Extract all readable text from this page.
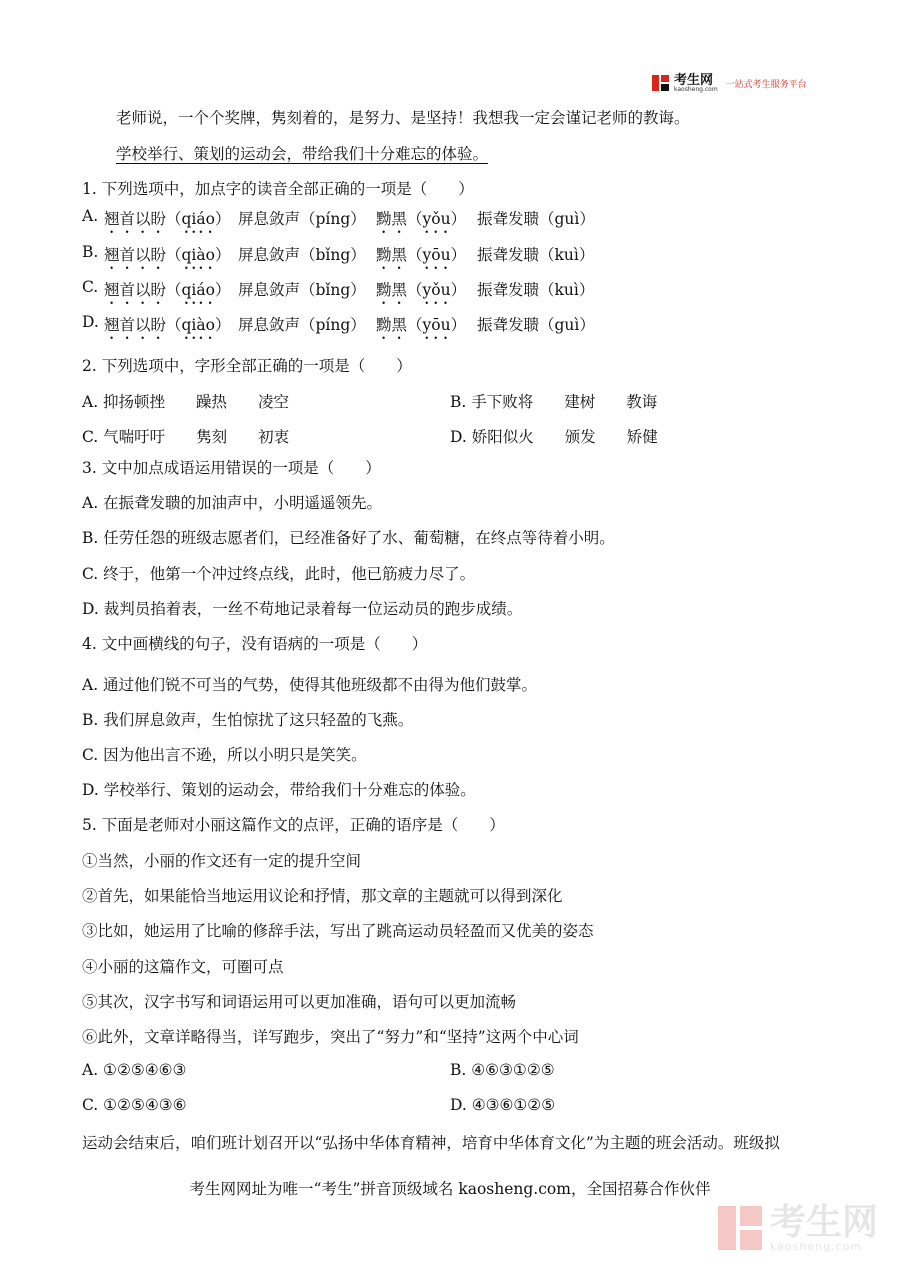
考生网
kaosheng.com 一站式考生服务平台
老师说，一个个奖牌，隽刻着的，是努力、是坚持！我想我一定会谨记老师的教诲。
学校举行、策划的运动会，带给我们十分难忘的体验。
1. 下列选项中，加点字的读音全部正确的一项是（　　）
A. 翘首以盼（qiáo） 屏息敛声（píng） 黝黑（yǒu） 振聋发聩（guì）
B. 翘首以盼（qiào） 屏息敛声（bǐng） 黝黑（yōu） 振聋发聩（kuì）
C. 翘首以盼（qiáo） 屏息敛声（bǐng） 黝黑（yǒu） 振聋发聩（kuì）
D. 翘首以盼（qiào） 屏息敛声（píng） 黝黑（yōu） 振聋发聩（guì）
2. 下列选项中，字形全部正确的一项是（　　）
A. 抑扬顿挫　　躁热　　凌空	B. 手下败将　　建树　　教诲
C. 气喘吁吁　　隽刻　　初衷	D. 娇阳似火　　颁发　　矫健
3. 文中加点成语运用错误的一项是（　　）
A. 在振聋发聩的加油声中，小明遥遥领先。
B. 任劳任怨的班级志愿者们，已经准备好了水、葡萄糖，在终点等待着小明。
C. 终于，他第一个冲过终点线，此时，他已筋疲力尽了。
D. 裁判员掐着表，一丝不苟地记录着每一位运动员的跑步成绩。
4. 文中画横线的句子，没有语病的一项是（　　）
A. 通过他们锐不可当的气势，使得其他班级都不由得为他们鼓掌。
B. 我们屏息敛声，生怕惊扰了这只轻盈的飞燕。
C. 因为他出言不逊，所以小明只是笑笑。
D. 学校举行、策划的运动会，带给我们十分难忘的体验。
5. 下面是老师对小丽这篇作文的点评，正确的语序是（　　）
①当然，小丽的作文还有一定的提升空间
②首先，如果能恰当地运用议论和抒情，那文章的主题就可以得到深化
③比如，她运用了比喻的修辞手法，写出了跳高运动员轻盈而又优美的姿态
④小丽的这篇作文，可圈可点
⑤其次，汉字书写和词语运用可以更加准确，语句可以更加流畅
⑥此外，文章详略得当，详写跑步，突出了“努力”和“坚持”这两个中心词
A. ①②⑤④⑥③	B. ④⑥③①②⑤
C. ①②⑤④③⑥	D. ④③⑥①②⑤
运动会结束后，咱们班计划召开以“弘扬中华体育精神，培育中华体育文化”为主题的班会活动。班级拟
考生网网址为唯一“考生”拼音顶级域名 kaosheng.com，全国招募合作伙伴
考生网
kaosheng.com
